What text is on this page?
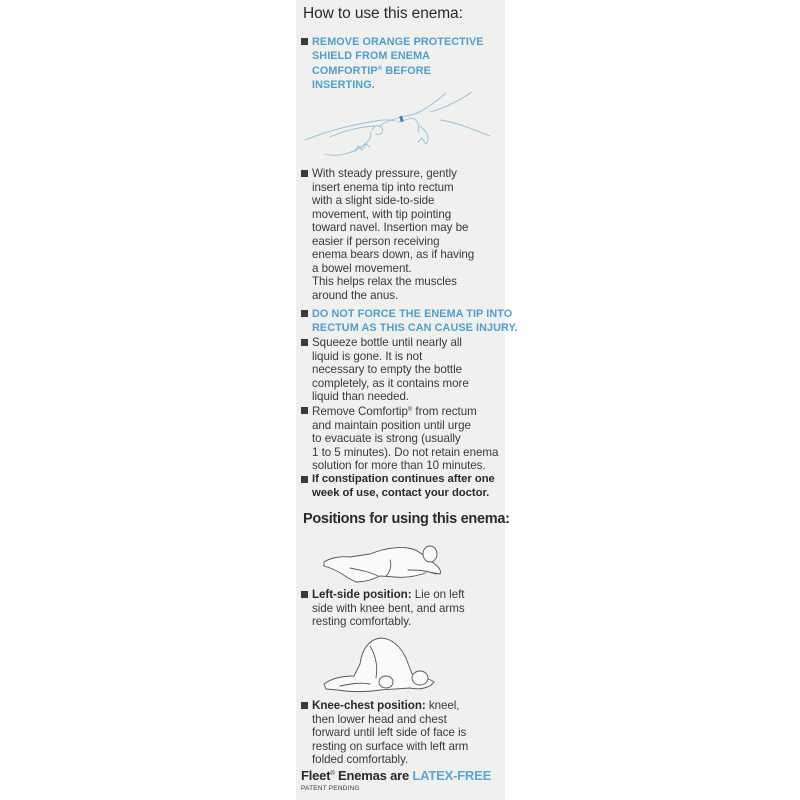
How to use this enema:
REMOVE ORANGE PROTECTIVE
SHIELD FROM ENEMA
COMFORTIP® BEFORE
INSERTING.
With steady pressure, gently
insert enema tip into rectum
with a slight side-to-side
movement, with tip pointing
toward navel. Insertion may be
easier if person receiving
enema bears down, as if having
a bowel movement.
This helps relax the muscles
around the anus.
DO NOT FORCE THE ENEMA TIP INTO
RECTUM AS THIS CAN CAUSE INJURY.
Squeeze bottle until nearly all
liquid is gone. It is not
necessary to empty the bottle
completely, as it contains more
liquid than needed.
Remove Comfortip® from rectum
and maintain position until urge
to evacuate is strong (usually
1 to 5 minutes). Do not retain enema
solution for more than 10 minutes.
If constipation continues after one
week of use, contact your doctor.
Positions for using this enema:
Left-side position: Lie on left
side with knee bent, and arms
resting comfortably.
Knee-chest position: kneel,
then lower head and chest
forward until left side of face is
resting on surface with left arm
folded comfortably.
Fleet® Enemas are LATEX-FREE
PATENT PENDING
